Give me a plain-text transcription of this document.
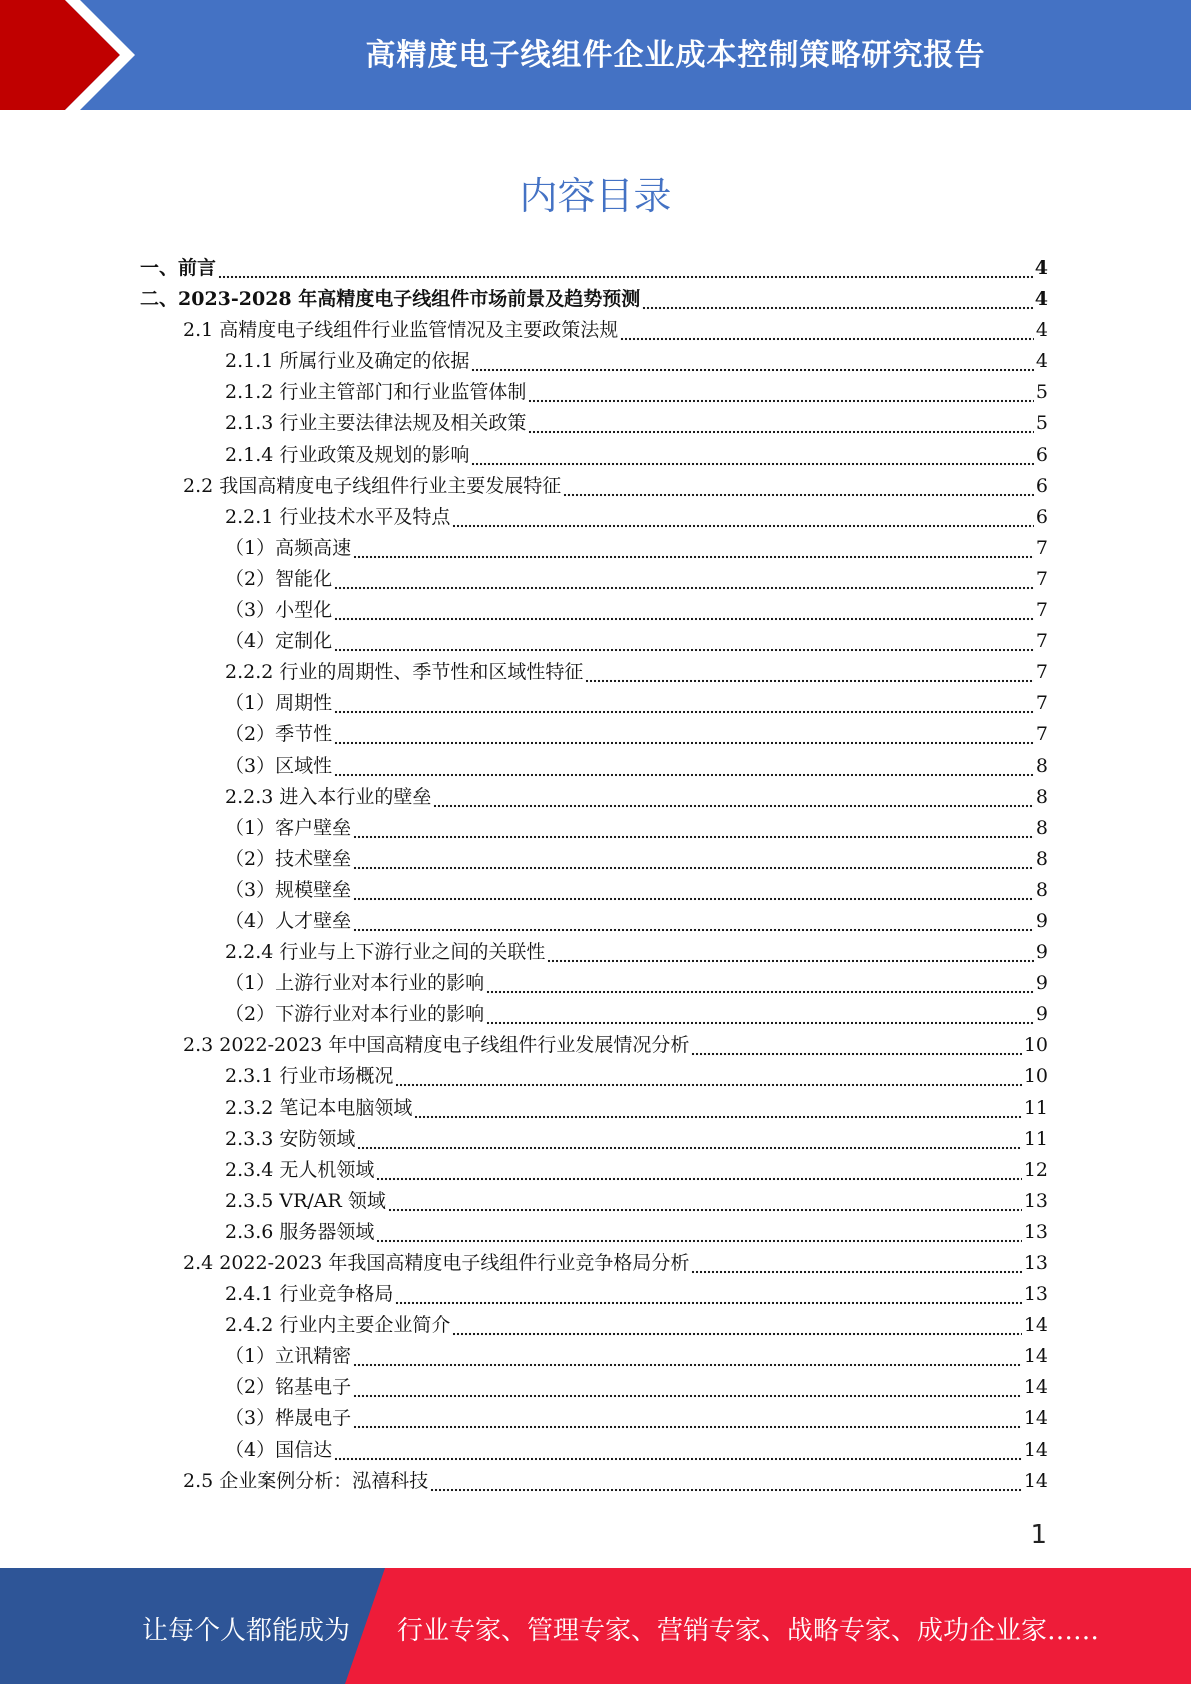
高精度电子线组件企业成本控制策略研究报告
内容目录
一、前言	4
二、2023-2028 年高精度电子线组件市场前景及趋势预测	4
2.1 高精度电子线组件行业监管情况及主要政策法规	4
2.1.1 所属行业及确定的依据	4
2.1.2 行业主管部门和行业监管体制	5
2.1.3 行业主要法律法规及相关政策	5
2.1.4 行业政策及规划的影响	6
2.2 我国高精度电子线组件行业主要发展特征	6
2.2.1 行业技术水平及特点	6
（1）高频高速	7
（2）智能化	7
（3）小型化	7
（4）定制化	7
2.2.2 行业的周期性、季节性和区域性特征	7
（1）周期性	7
（2）季节性	7
（3）区域性	8
2.2.3 进入本行业的壁垒	8
（1）客户壁垒	8
（2）技术壁垒	8
（3）规模壁垒	8
（4）人才壁垒	9
2.2.4 行业与上下游行业之间的关联性	9
（1）上游行业对本行业的影响	9
（2）下游行业对本行业的影响	9
2.3 2022-2023 年中国高精度电子线组件行业发展情况分析	10
2.3.1 行业市场概况	10
2.3.2 笔记本电脑领域	11
2.3.3 安防领域	11
2.3.4 无人机领域	12
2.3.5 VR/AR 领域	13
2.3.6 服务器领域	13
2.4 2022-2023 年我国高精度电子线组件行业竞争格局分析	13
2.4.1 行业竞争格局	13
2.4.2 行业内主要企业简介	14
（1）立讯精密	14
（2）铭基电子	14
（3）桦晟电子	14
（4）国信达	14
2.5 企业案例分析：泓禧科技	14
1
让每个人都能成为 行业专家、管理专家、营销专家、战略专家、成功企业家……
